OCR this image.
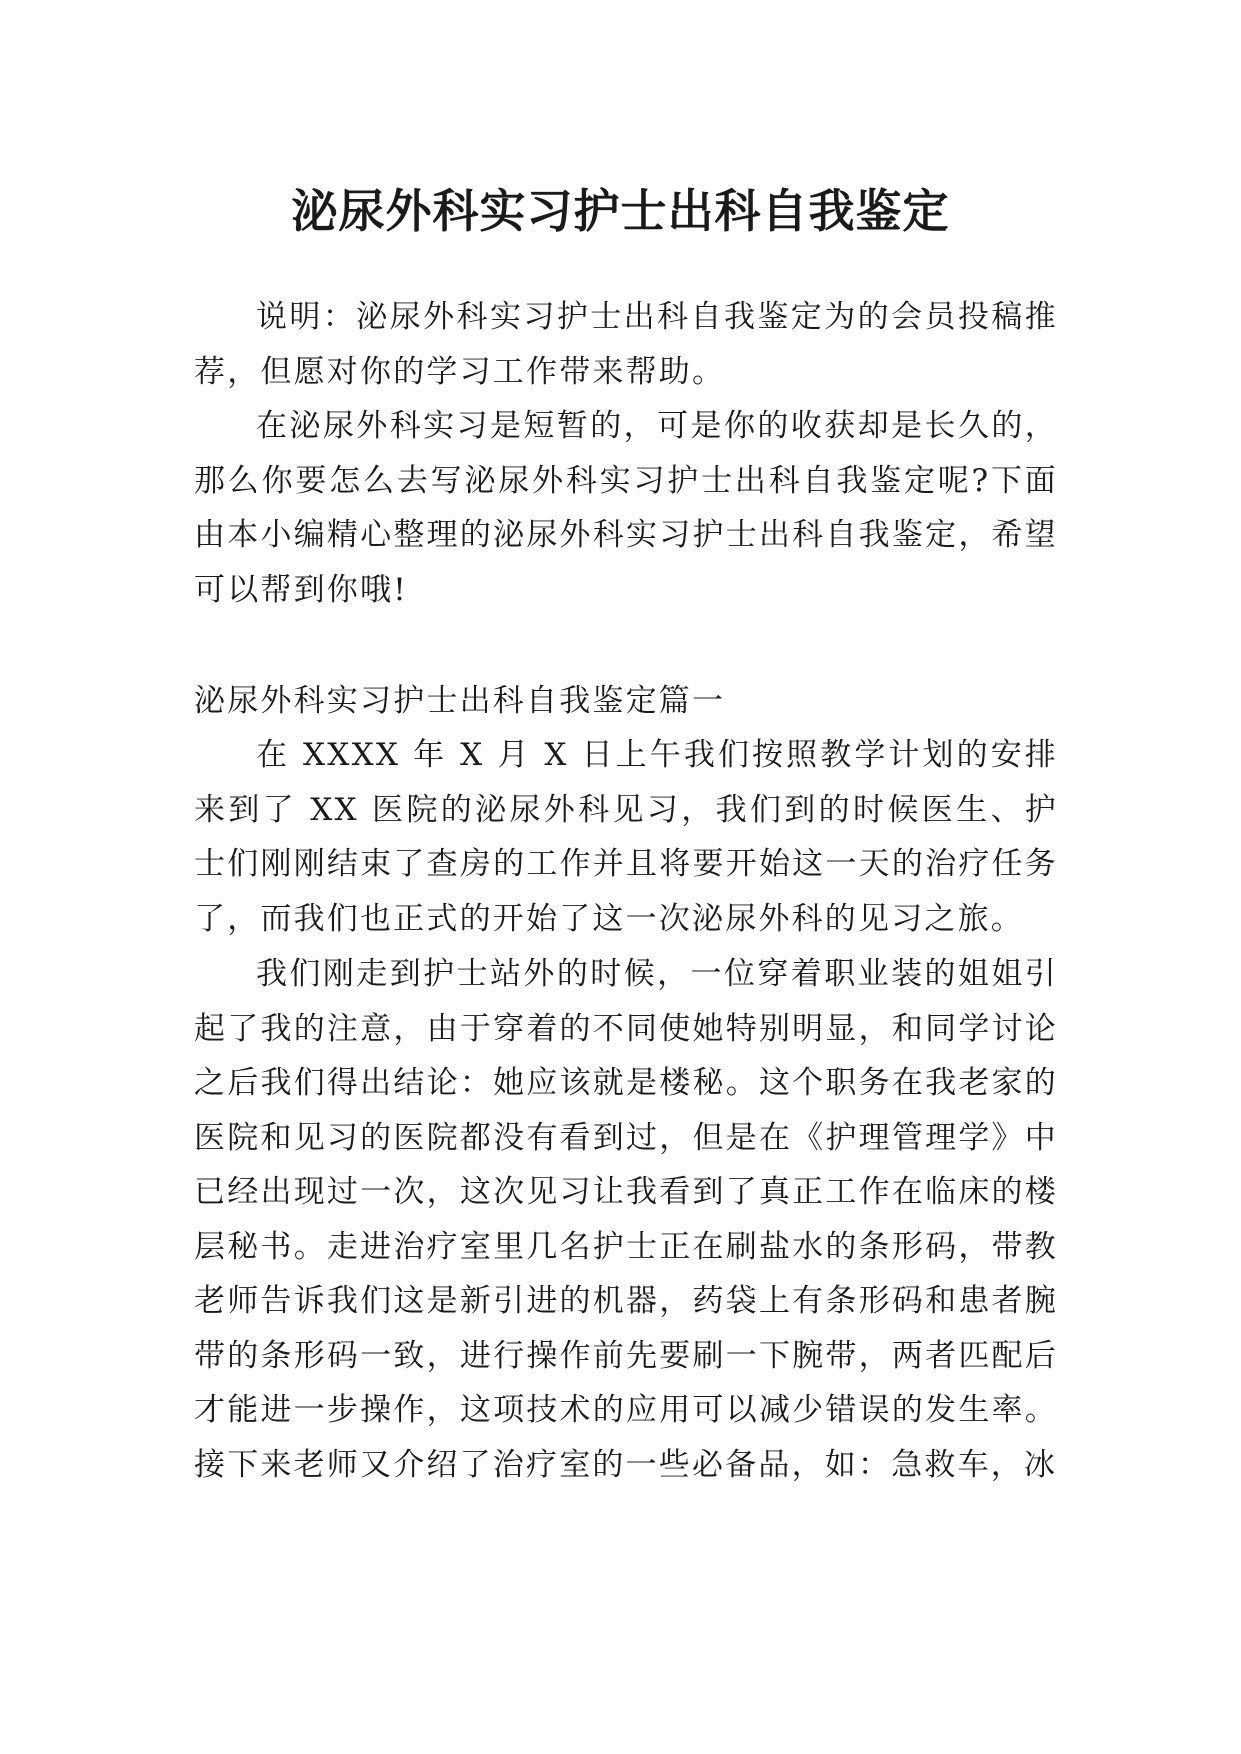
泌尿外科实习护士出科自我鉴定

说明：泌尿外科实习护士出科自我鉴定为的会员投稿推荐，但愿对你的学习工作带来帮助。

在泌尿外科实习是短暂的，可是你的收获却是长久的，那么你要怎么去写泌尿外科实习护士出科自我鉴定呢?下面由本小编精心整理的泌尿外科实习护士出科自我鉴定，希望可以帮到你哦!

泌尿外科实习护士出科自我鉴定篇一

在 XXXX 年 X 月 X 日上午我们按照教学计划的安排来到了 XX 医院的泌尿外科见习，我们到的时候医生、护士们刚刚结束了查房的工作并且将要开始这一天的治疗任务了，而我们也正式的开始了这一次泌尿外科的见习之旅。

我们刚走到护士站外的时候，一位穿着职业装的姐姐引起了我的注意，由于穿着的不同使她特别明显，和同学讨论之后我们得出结论：她应该就是楼秘。这个职务在我老家的医院和见习的医院都没有看到过，但是在《护理管理学》中已经出现过一次，这次见习让我看到了真正工作在临床的楼层秘书。走进治疗室里几名护士正在刷盐水的条形码，带教老师告诉我们这是新引进的机器，药袋上有条形码和患者腕带的条形码一致，进行操作前先要刷一下腕带，两者匹配后才能进一步操作，这项技术的应用可以减少错误的发生率。接下来老师又介绍了治疗室的一些必备品，如：急救车，冰
